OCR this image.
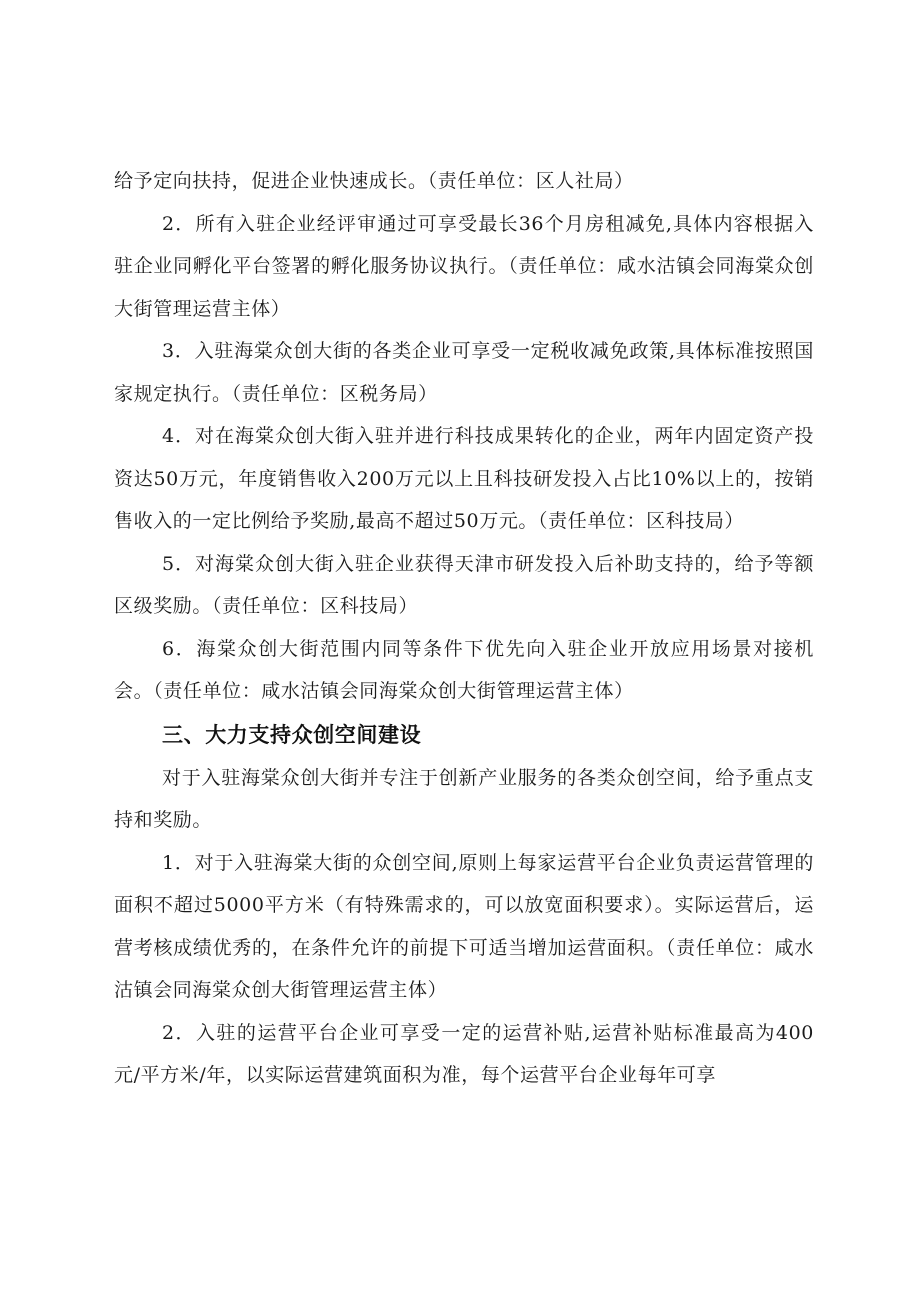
给予定向扶持，促进企业快速成长。（责任单位：区人社局）

2．所有入驻企业经评审通过可享受最长36个月房租减免,具体内容根据入驻企业同孵化平台签署的孵化服务协议执行。（责任单位：咸水沽镇会同海棠众创大街管理运营主体）

3．入驻海棠众创大街的各类企业可享受一定税收减免政策,具体标准按照国家规定执行。（责任单位：区税务局）

4．对在海棠众创大街入驻并进行科技成果转化的企业，两年内固定资产投资达50万元，年度销售收入200万元以上且科技研发投入占比10%以上的，按销售收入的一定比例给予奖励,最高不超过50万元。（责任单位：区科技局）

5．对海棠众创大街入驻企业获得天津市研发投入后补助支持的，给予等额区级奖励。（责任单位：区科技局）

6．海棠众创大街范围内同等条件下优先向入驻企业开放应用场景对接机会。（责任单位：咸水沽镇会同海棠众创大街管理运营主体）

三、大力支持众创空间建设

对于入驻海棠众创大街并专注于创新产业服务的各类众创空间，给予重点支持和奖励。

1．对于入驻海棠大街的众创空间,原则上每家运营平台企业负责运营管理的面积不超过5000平方米（有特殊需求的，可以放宽面积要求）。实际运营后，运营考核成绩优秀的，在条件允许的前提下可适当增加运营面积。（责任单位：咸水沽镇会同海棠众创大街管理运营主体）

2．入驻的运营平台企业可享受一定的运营补贴,运营补贴标准最高为400元/平方米/年，以实际运营建筑面积为准，每个运营平台企业每年可享
